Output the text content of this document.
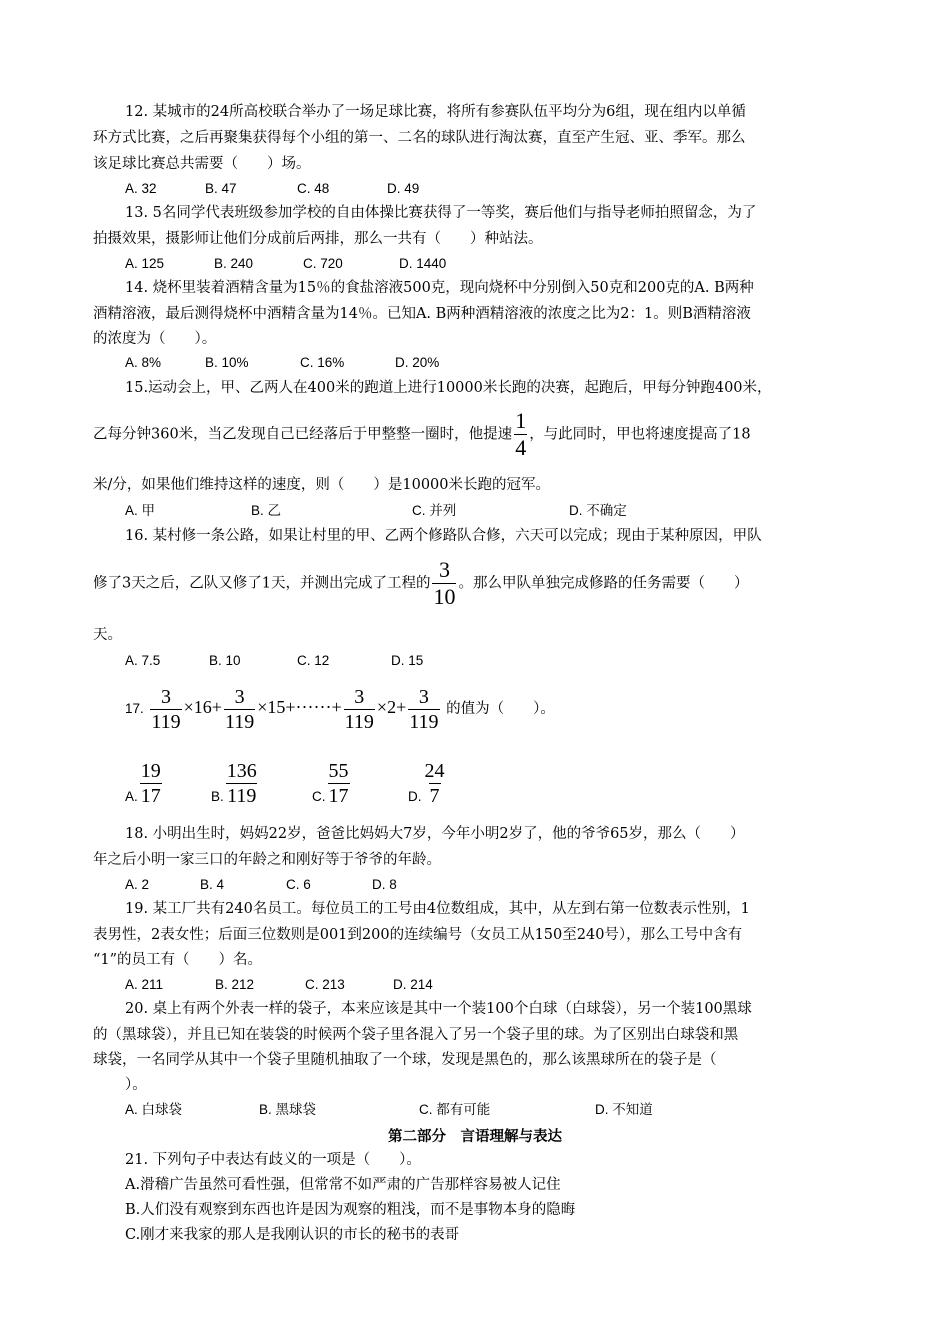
12. 某城市的24所高校联合举办了一场足球比赛，将所有参赛队伍平均分为6组，现在组内以单循
环方式比赛，之后再聚集获得每个小组的第一、二名的球队进行淘汰赛，直至产生冠、亚、季军。那么
该足球比赛总共需要（　　）场。
A. 32	B. 47	C. 48	D. 49
13. 5名同学代表班级参加学校的自由体操比赛获得了一等奖，赛后他们与指导老师拍照留念，为了
拍摄效果，摄影师让他们分成前后两排，那么一共有（　　）种站法。
A. 125	B. 240	C. 720	D. 1440
14. 烧杯里装着酒精含量为15％的食盐溶液500克，现向烧杯中分别倒入50克和200克的A. B两种
酒精溶液，最后测得烧杯中酒精含量为14％。已知A. B两种酒精溶液的浓度之比为2：1。则B酒精溶液
的浓度为（　　）。
A. 8%	B. 10%	C. 16%	D. 20%
15.运动会上，甲、乙两人在400米的跑道上进行10000米长跑的决赛，起跑后，甲每分钟跑400米，
乙每分钟360米，当乙发现自己已经落后于甲整整一圈时，他提速 $\frac{1}{4}$ ，与此同时，甲也将速度提高了18
米/分，如果他们维持这样的速度，则（　　）是10000米长跑的冠军。
A. 甲	B. 乙	C. 并列	D. 不确定
16. 某村修一条公路，如果让村里的甲、乙两个修路队合修，六天可以完成；现由于某种原因，甲队
修了3天之后，乙队又修了1天，并测出完成了工程的 $\frac{3}{10}$ 。那么甲队单独完成修路的任务需要（　　）
天。
A. 7.5	B. 10	C. 12	D. 15
17. $\frac{3}{119} \times 16+ \frac{3}{119} \times 15+\cdot\cdot\cdot\cdot\cdot\cdot+ \frac{3}{119} \times 2+ \frac{3}{119}$ 的值为（　　）。
A. $\frac{19}{17}$	B. $\frac{136}{119}$	C. $\frac{55}{17}$	D. $\frac{24}{7}$
18. 小明出生时，妈妈22岁，爸爸比妈妈大7岁，今年小明2岁了，他的爷爷65岁，那么（　　）
年之后小明一家三口的年龄之和刚好等于爷爷的年龄。
A. 2	B. 4	C. 6	D. 8
19. 某工厂共有240名员工。每位员工的工号由4位数组成，其中，从左到右第一位数表示性别，1
表男性，2表女性；后面三位数则是001到200的连续编号（女员工从150至240号），那么工号中含有
“1”的员工有（　　）名。
A. 211	B. 212	C. 213	D. 214
20. 桌上有两个外表一样的袋子，本来应该是其中一个装100个白球（白球袋），另一个装100黑球
的（黑球袋），并且已知在装袋的时候两个袋子里各混入了另一个袋子里的球。为了区别出白球袋和黑
球袋，一名同学从其中一个袋子里随机抽取了一个球，发现是黑色的，那么该黑球所在的袋子是（
）。
A. 白球袋	B. 黑球袋	C. 都有可能	D. 不知道
第二部分　言语理解与表达
21. 下列句子中表达有歧义的一项是（　　）。
A.滑稽广告虽然可看性强，但常常不如严肃的广告那样容易被人记住
B.人们没有观察到东西也许是因为观察的粗浅，而不是事物本身的隐晦
C.刚才来我家的那人是我刚认识的市长的秘书的表哥
